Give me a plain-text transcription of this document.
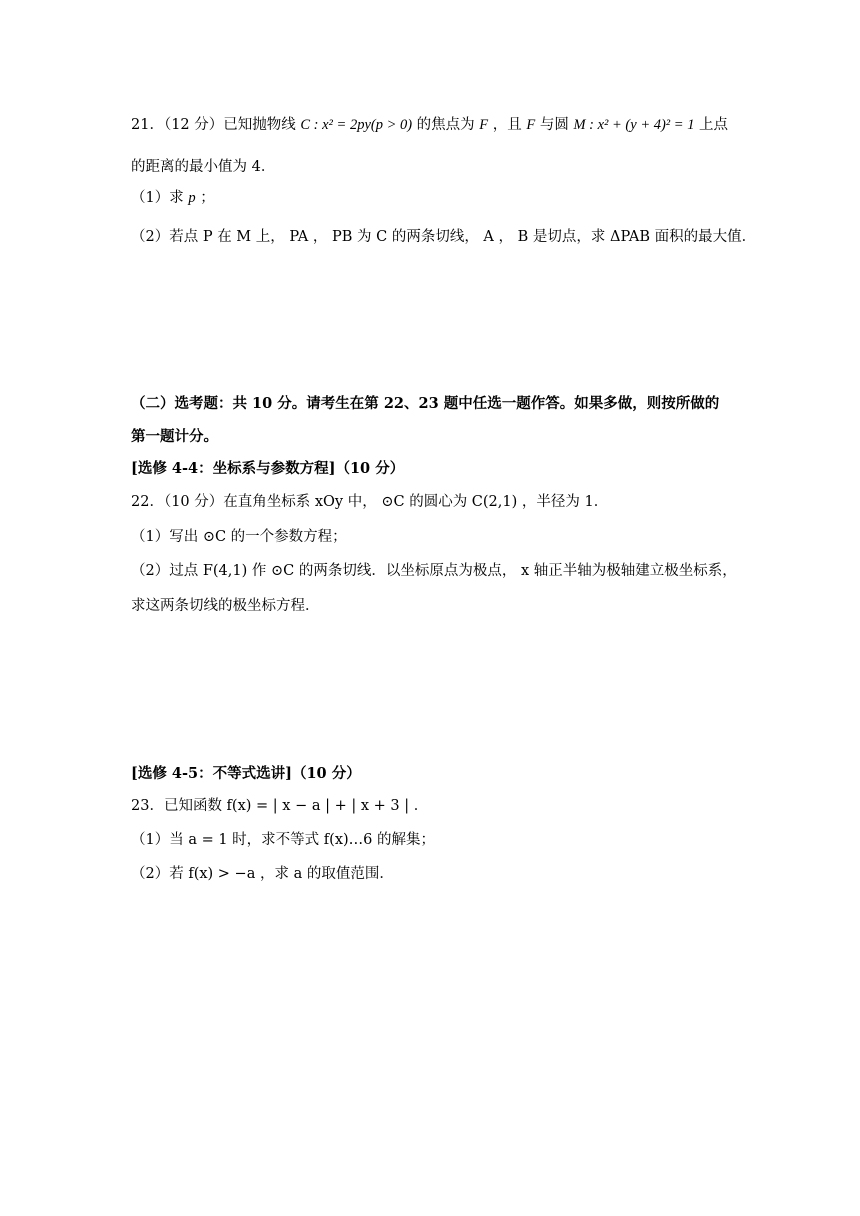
21．（12 分）已知抛物线 C : x² = 2py(p > 0) 的焦点为 F ，且 F 与圆 M : x² + (y + 4)² = 1 上点
的距离的最小值为 4．
（1）求 p ；
（2）若点 P 在 M 上， PA ， PB 为 C 的两条切线， A ， B 是切点，求 ΔPAB 面积的最大值．
（二）选考题：共 10 分。请考生在第 22、23 题中任选一题作答。如果多做，则按所做的
第一题计分。
[选修 4-4：坐标系与参数方程]（10 分）
22．（10 分）在直角坐标系 xOy 中， ⊙C 的圆心为 C(2,1) ，半径为 1．
（1）写出 ⊙C 的一个参数方程；
（2）过点 F(4,1) 作 ⊙C 的两条切线．以坐标原点为极点， x 轴正半轴为极轴建立极坐标系，
求这两条切线的极坐标方程．
[选修 4-5：不等式选讲]（10 分）
23．已知函数 f(x) = | x − a | + | x + 3 | ．
（1）当 a = 1 时，求不等式 f(x)…6 的解集；
（2）若 f(x) > −a ，求 a 的取值范围．
